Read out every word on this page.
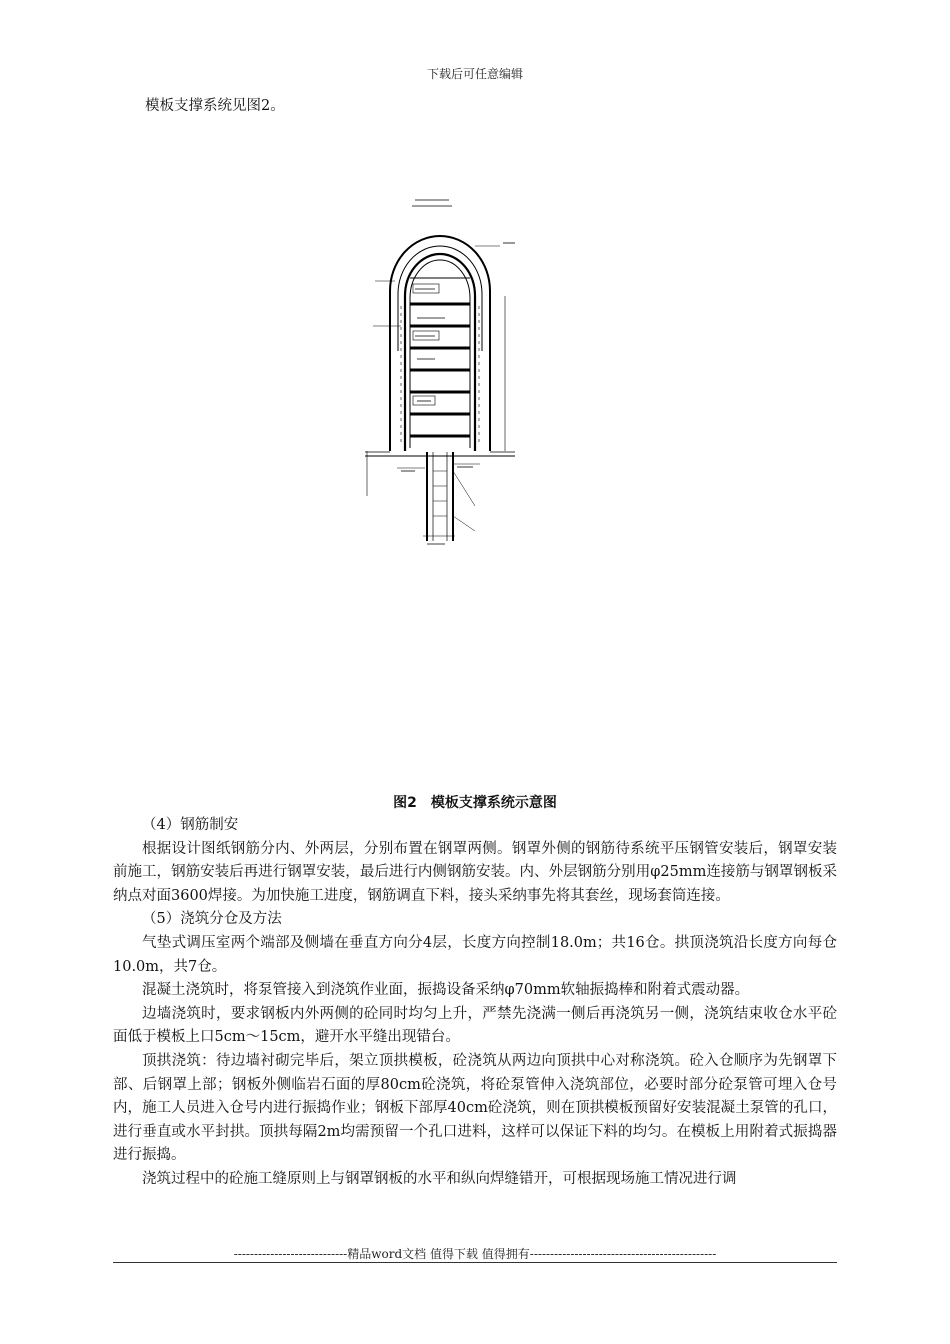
下载后可任意编辑
模板支撑系统见图2。
图2　模板支撑系统示意图

（4）钢筋制安

根据设计图纸钢筋分内、外两层，分别布置在钢罩两侧。钢罩外侧的钢筋待系统平压钢管安装后，钢罩安装前施工，钢筋安装后再进行钢罩安装，最后进行内侧钢筋安装。内、外层钢筋分别用φ25mm连接筋与钢罩钢板采纳点对面3600焊接。为加快施工进度，钢筋调直下料，接头采纳事先将其套丝，现场套筒连接。

（5）浇筑分仓及方法

气垫式调压室两个端部及侧墙在垂直方向分4层，长度方向控制18.0m；共16仓。拱顶浇筑沿长度方向每仓10.0m，共7仓。

混凝土浇筑时，将泵管接入到浇筑作业面，振捣设备采纳φ70mm软轴振捣棒和附着式震动器。

边墙浇筑时，要求钢板内外两侧的砼同时均匀上升，严禁先浇满一侧后再浇筑另一侧，浇筑结束收仓水平砼面低于模板上口5cm～15cm，避开水平缝出现错台。

顶拱浇筑：待边墙衬砌完毕后，架立顶拱模板，砼浇筑从两边向顶拱中心对称浇筑。砼入仓顺序为先钢罩下部、后钢罩上部；钢板外侧临岩石面的厚80cm砼浇筑，将砼泵管伸入浇筑部位，必要时部分砼泵管可埋入仓号内，施工人员进入仓号内进行振捣作业；钢板下部厚40cm砼浇筑，则在顶拱模板预留好安装混凝土泵管的孔口，进行垂直或水平封拱。顶拱每隔2m均需预留一个孔口进料，这样可以保证下料的均匀。在模板上用附着式振捣器进行振捣。

浇筑过程中的砼施工缝原则上与钢罩钢板的水平和纵向焊缝错开，可根据现场施工情况进行调

----------------------------精品word文档 值得下载 值得拥有----------------------------------------------
